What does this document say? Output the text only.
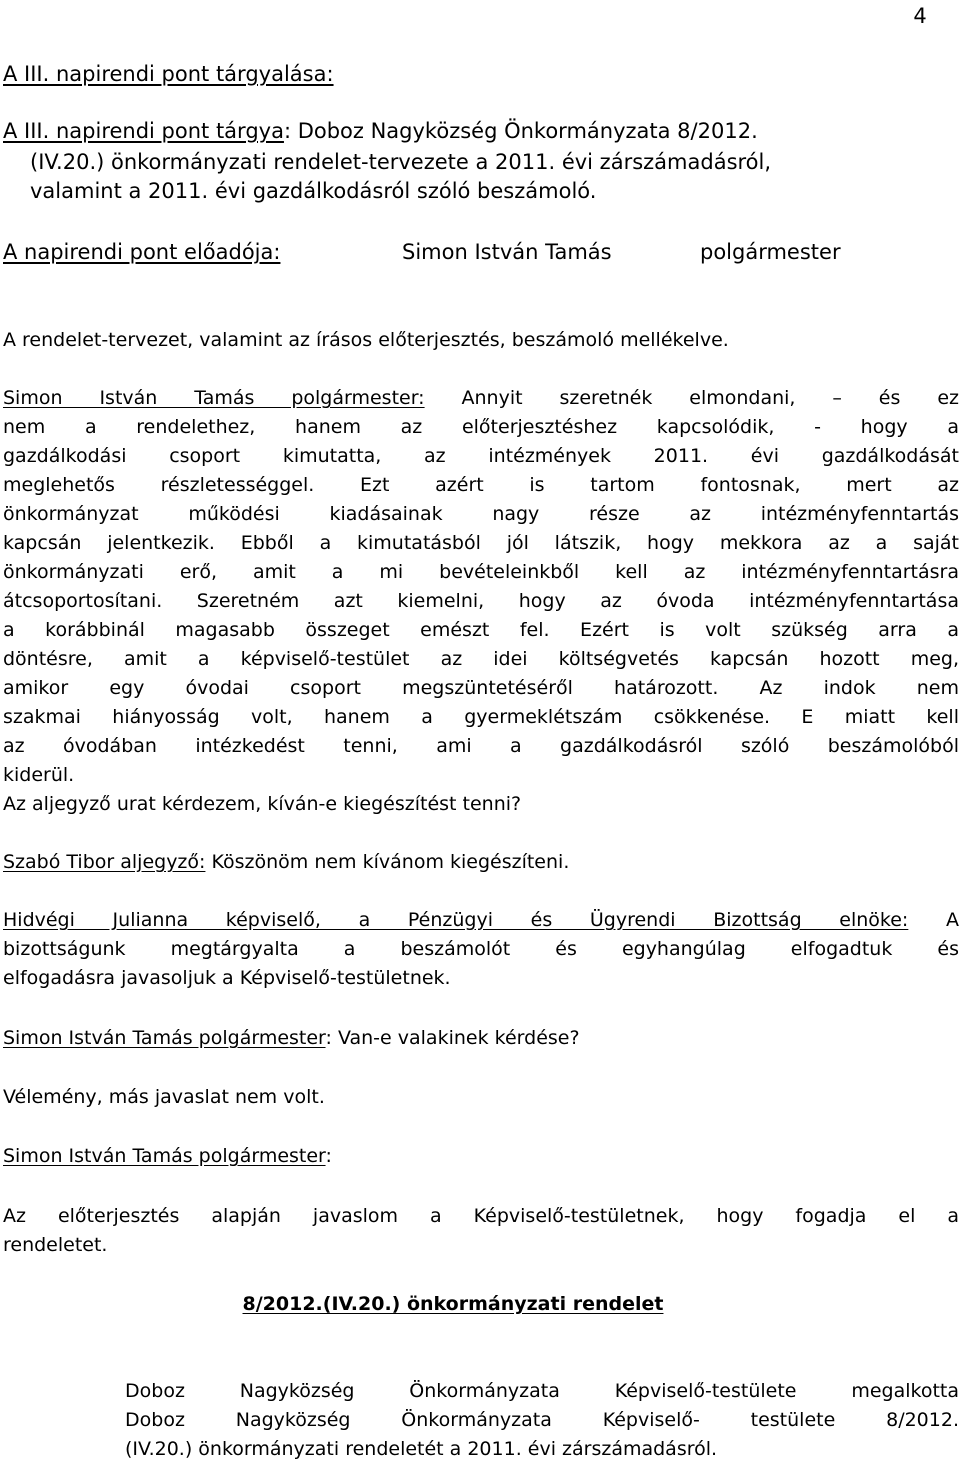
4
A III. napirendi pont tárgyalása:
A III. napirendi pont tárgya: Doboz Nagyközség Önkormányzata 8/2012.
(IV.20.) önkormányzati rendelet-tervezete a 2011. évi zárszámadásról,
valamint a 2011. évi gazdálkodásról szóló beszámoló.
A napirendi pont előadója:	Simon István Tamás	polgármester
A rendelet-tervezet, valamint az írásos előterjesztés, beszámoló mellékelve.
Simon István Tamás polgármester: Annyit szeretnék elmondani, – és ez
nem a rendelethez, hanem az előterjesztéshez kapcsolódik, - hogy a
gazdálkodási csoport kimutatta, az intézmények 2011. évi gazdálkodását
meglehetős részletességgel. Ezt azért is tartom fontosnak, mert az
önkormányzat működési kiadásainak nagy része az intézményfenntartás
kapcsán jelentkezik. Ebből a kimutatásból jól látszik, hogy mekkora az a saját
önkormányzati erő, amit a mi bevételeinkből kell az intézményfenntartásra
átcsoportosítani. Szeretném azt kiemelni, hogy az óvoda intézményfenntartása
a korábbinál magasabb összeget emészt fel. Ezért is volt szükség arra a
döntésre, amit a képviselő-testület az idei költségvetés kapcsán hozott meg,
amikor egy óvodai csoport megszüntetéséről határozott. Az indok nem
szakmai hiányosság volt, hanem a gyermeklétszám csökkenése. E miatt kell
az óvodában intézkedést tenni, ami a gazdálkodásról szóló beszámolóból
kiderül.
Az aljegyző urat kérdezem, kíván-e kiegészítést tenni?
Szabó Tibor aljegyző: Köszönöm nem kívánom kiegészíteni.
Hidvégi Julianna képviselő, a Pénzügyi és Ügyrendi Bizottság elnöke: A
bizottságunk megtárgyalta a beszámolót és egyhangúlag elfogadtuk és
elfogadásra javasoljuk a Képviselő-testületnek.
Simon István Tamás polgármester: Van-e valakinek kérdése?
Vélemény, más javaslat nem volt.
Simon István Tamás polgármester:
Az előterjesztés alapján javaslom a Képviselő-testületnek, hogy fogadja el a
rendeletet.
8/2012.(IV.20.) önkormányzati rendelet
Doboz Nagyközség Önkormányzata Képviselő-testülete megalkotta
Doboz Nagyközség Önkormányzata Képviselő- testülete 8/2012.
(IV.20.) önkormányzati rendeletét a 2011. évi zárszámadásról.
